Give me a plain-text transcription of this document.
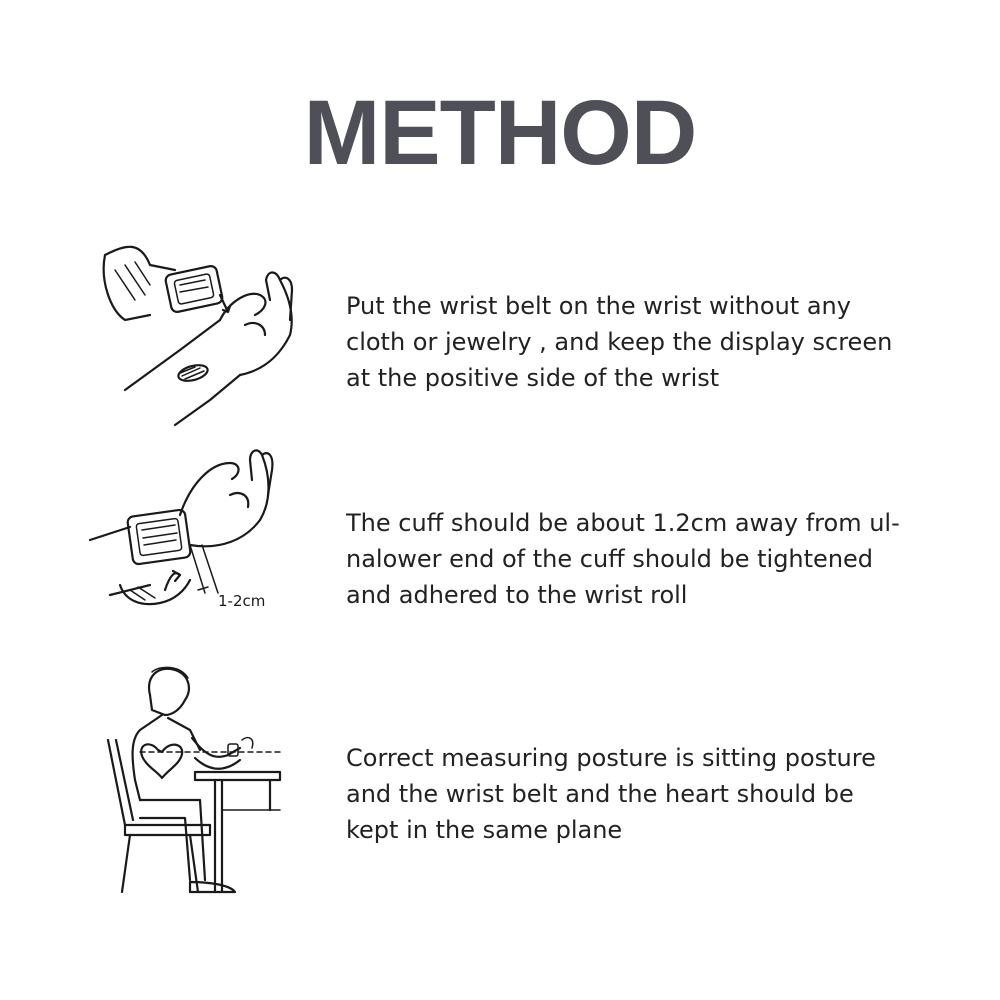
METHOD
Put the wrist belt on the wrist without any
cloth or jewelry , and keep the display screen
at the positive side of the wrist
1-2cm
The cuff should be about 1.2cm away from ul-
nalower end of the cuff should be tightened
and adhered to the wrist roll
Correct measuring posture is sitting posture
and the wrist belt and the heart should be
kept in the same plane
